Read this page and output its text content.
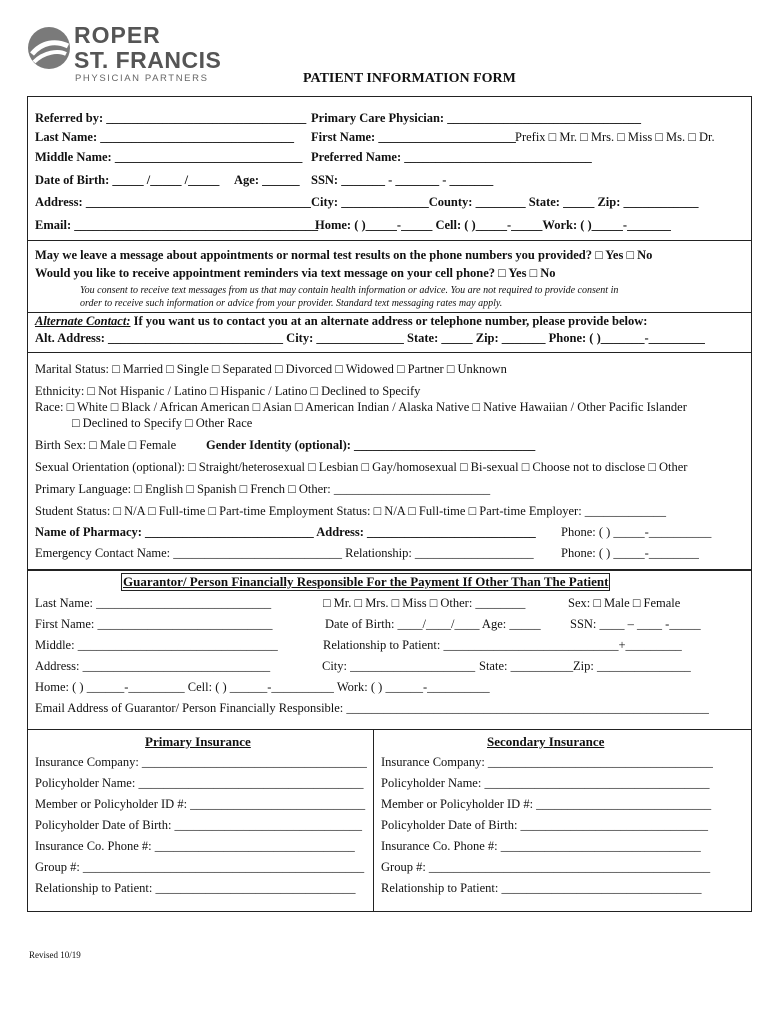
ROPER
ST. FRANCIS
PHYSICIAN PARTNERS	PATIENT INFORMATION FORM
Referred by: ________________________________ Primary Care Physician: _______________________________
Last Name: _______________________________ First Name: ______________________ Prefix □ Mr. □ Mrs. □ Miss □ Ms. □ Dr.
Middle Name: ______________________________ Preferred Name: ______________________________
Date of Birth: _____ /_____ /_____ Age: ______ SSN: _______ - _______ - _______
Address: ____________________________________ City: ______________County: ________ State: _____ Zip: ____________
Email: _______________________________________
Home: ( )_____-_____ Cell: ( )_____-_____Work: ( )_____-_______
May we leave a message about appointments or normal test results on the phone numbers you provided? □ Yes □ No
Would you like to receive appointment reminders via text message on your cell phone? □ Yes □ No
You consent to receive text messages from us that may contain health information or advice. You are not required to provide consent in
order to receive such information or advice from your provider. Standard text messaging rates may apply.
Alternate Contact: If you want us to contact you at an alternate address or telephone number, please provide below:
Alt. Address: ____________________________ City: ______________ State: _____ Zip: _______ Phone: ( )_______-_________
Marital Status: □ Married □ Single □ Separated □ Divorced □ Widowed □ Partner □ Unknown
Ethnicity: □ Not Hispanic / Latino □ Hispanic / Latino □ Declined to Specify
Race: □ White □ Black / African American □ Asian □ American Indian / Alaska Native □ Native Hawaiian / Other Pacific Islander
□ Declined to Specify □ Other Race
Birth Sex: □ Male □ Female Gender Identity (optional): _____________________________
Sexual Orientation (optional): □ Straight/heterosexual □ Lesbian □ Gay/homosexual □ Bi-sexual □ Choose not to disclose □ Other
Primary Language: □ English □ Spanish □ French □ Other: _________________________
Student Status: □ N/A □ Full-time □ Part-time Employment Status: □ N/A □ Full-time □ Part-time Employer: _____________
Name of Pharmacy: ___________________________ Address: ___________________________ Phone: ( ) _____-__________
Emergency Contact Name: ___________________________ Relationship: ___________________ Phone: ( ) _____-________
Guarantor/ Person Financially Responsible For the Payment If Other Than The Patient
Last Name: ____________________________	□ Mr. □ Mrs. □ Miss □ Other: ________	Sex: □ Male □ Female
First Name: ____________________________	Date of Birth: ____/____/____ Age: _____ SSN: ____ – ____ -_____
Middle: ________________________________	Relationship to Patient: ____________________________+_________
Address: ______________________________	City: ____________________ State: __________ Zip: _______________
Home: ( ) ______-_________ Cell: ( ) ______-__________ Work: ( ) ______-__________
Email Address of Guarantor/ Person Financially Responsible: __________________________________________________________
Primary Insurance
Insurance Company: ____________________________________
Policyholder Name: ____________________________________
Member or Policyholder ID #: ____________________________
Policyholder Date of Birth: ______________________________
Insurance Co. Phone #: ________________________________
Group #: _____________________________________________
Relationship to Patient: ________________________________
Secondary Insurance
Insurance Company: ____________________________________
Policyholder Name: ____________________________________
Member or Policyholder ID #: ____________________________
Policyholder Date of Birth: ______________________________
Insurance Co. Phone #: ________________________________
Group #: _____________________________________________
Relationship to Patient: ________________________________
Revised 10/19
